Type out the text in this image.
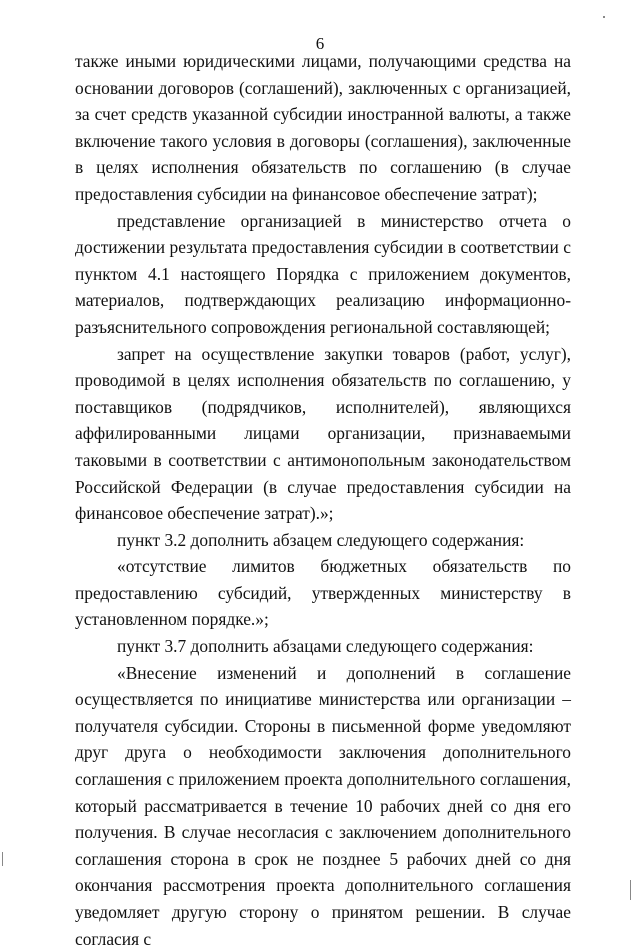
6

также иными юридическими лицами, получающими средства на основании договоров (соглашений), заключенных с организацией, за счет средств указанной субсидии иностранной валюты, а также включение такого условия в договоры (соглашения), заключенные в целях исполнения обязательств по соглашению (в случае предоставления субсидии на финансовое обеспечение затрат);

представление организацией в министерство отчета о достижении результата предоставления субсидии в соответствии с пунктом 4.1 настоящего Порядка с приложением документов, материалов, подтверждающих реализацию информационно-разъяснительного сопровождения региональной составляющей;

запрет на осуществление закупки товаров (работ, услуг), проводимой в целях исполнения обязательств по соглашению, у поставщиков (подрядчиков, исполнителей), являющихся аффилированными лицами организации, признаваемыми таковыми в соответствии с антимонопольным законодательством Российской Федерации (в случае предоставления субсидии на финансовое обеспечение затрат).»;

пункт 3.2 дополнить абзацем следующего содержания:

«отсутствие лимитов бюджетных обязательств по предоставлению субсидий, утвержденных министерству в установленном порядке.»;

пункт 3.7 дополнить абзацами следующего содержания:

«Внесение изменений и дополнений в соглашение осуществляется по инициативе министерства или организации – получателя субсидии. Стороны в письменной форме уведомляют друг друга о необходимости заключения дополнительного соглашения с приложением проекта дополнительного соглашения, который рассматривается в течение 10 рабочих дней со дня его получения. В случае несогласия с заключением дополнительного соглашения сторона в срок не позднее 5 рабочих дней со дня окончания рассмотрения проекта дополнительного соглашения уведомляет другую сторону о принятом решении. В случае согласия с
